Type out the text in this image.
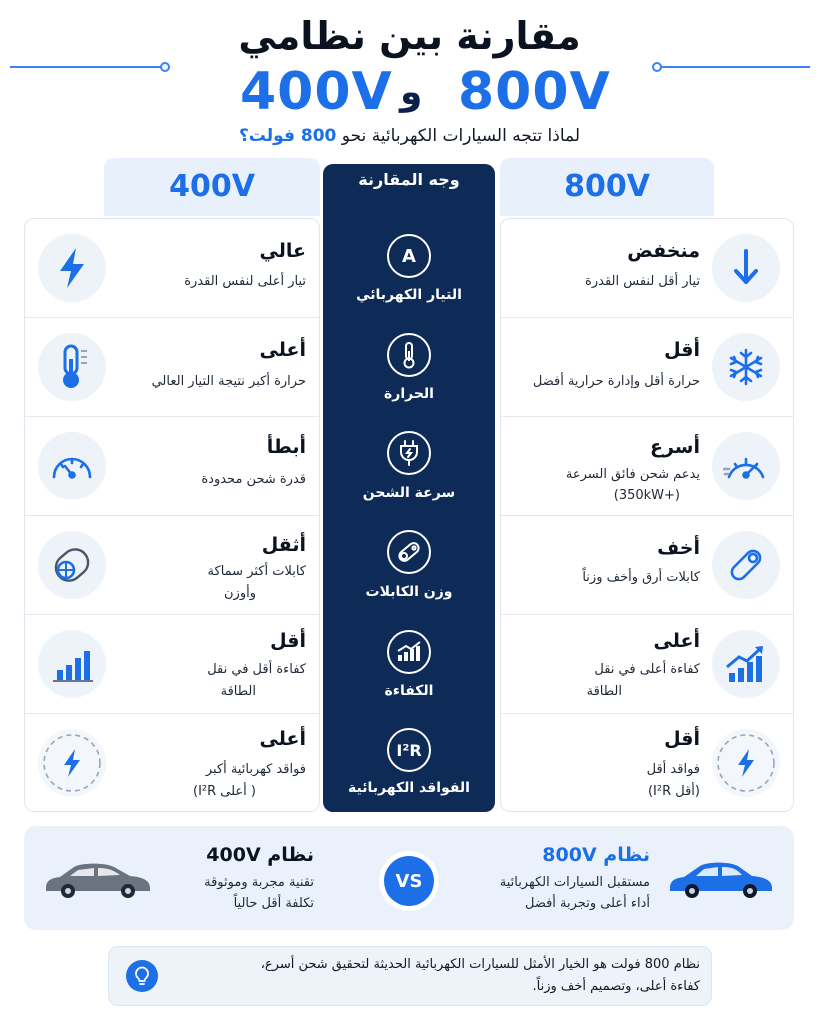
مقارنة بين نظامي
400V و 800V
لماذا تتجه السيارات الكهربائية نحو 800 فولت؟
400V	800V
وجه المقارنة
A
التيار الكهربائي
منخفض
تيار أقل لنفس القدرة
عالي
تيار أعلى لنفس القدرة
الحرارة
أقل
حرارة أقل وإدارة حرارية أفضل
أعلى
حرارة أكبر نتيجة التيار العالي
سرعة الشحن
أسرع
يدعم شحن فائق السرعة
(350kW+)
أبطأ
قدرة شحن محدودة
وزن الكابلات
أخف
كابلات أرق وأخف وزناً
أثقل
كابلات أكثر سماكة
وأوزن
الكفاءة
أعلى
كفاءة أعلى في نقل
الطاقة
أقل
كفاءة أقل في نقل
الطاقة
I²R
الفواقد الكهربائية
أقل
فواقد أقل
(أقل I²R)
أعلى
فواقد كهربائية أكبر
( أعلى I²R)
نظام 800V
مستقبل السيارات الكهربائية
أداء أعلى وتجربة أفضل
VS
نظام 400V
تقنية مجربة وموثوقة
تكلفة أقل حالياً
نظام 800 فولت هو الخيار الأمثل للسيارات الكهربائية الحديثة لتحقيق شحن أسرع،
كفاءة أعلى، وتصميم أخف وزناً.
